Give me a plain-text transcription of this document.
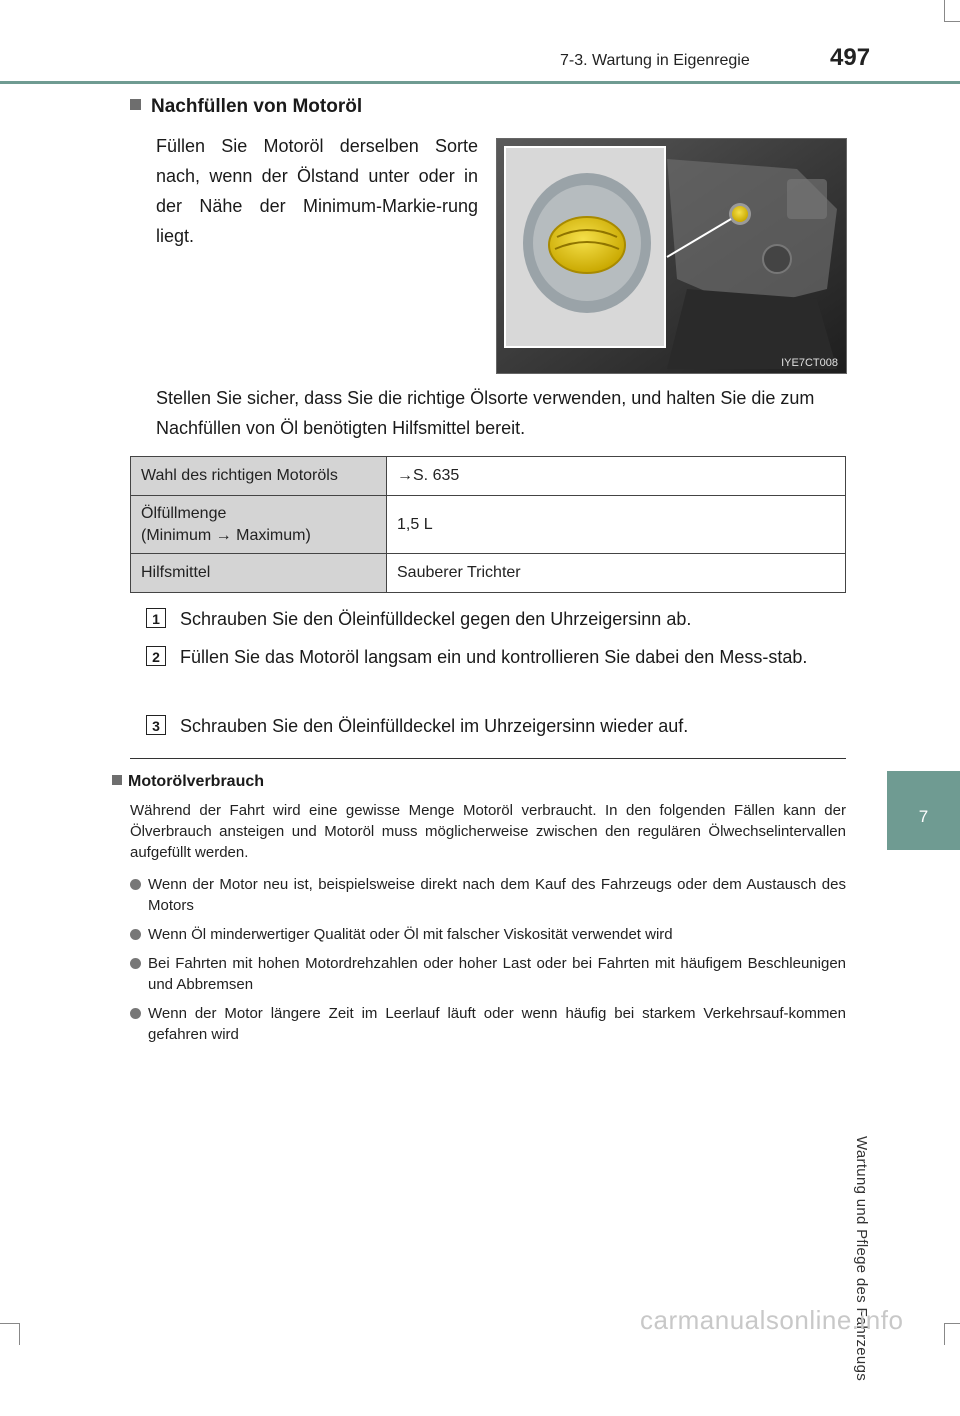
7-3. Wartung in Eigenregie	497
7
Wartung und Pflege des Fahrzeugs
Nachfüllen von Motoröl
Füllen Sie Motoröl derselben Sorte nach, wenn der Ölstand unter oder in der Nähe der Minimum-Markie-rung liegt.
IYE7CT008
Stellen Sie sicher, dass Sie die richtige Ölsorte verwenden, und halten Sie die zum Nachfüllen von Öl benötigten Hilfsmittel bereit.
Wahl des richtigen Motoröls	→S. 635
Ölfüllmenge
(Minimum → Maximum)	1,5 L
Hilfsmittel	Sauberer Trichter
1	Schrauben Sie den Öleinfülldeckel gegen den Uhrzeigersinn ab.
2	Füllen Sie das Motoröl langsam ein und kontrollieren Sie dabei den Mess-stab.
3	Schrauben Sie den Öleinfülldeckel im Uhrzeigersinn wieder auf.
Motorölverbrauch
Während der Fahrt wird eine gewisse Menge Motoröl verbraucht. In den folgenden Fällen kann der Ölverbrauch ansteigen und Motoröl muss möglicherweise zwischen den regulären Ölwechselintervallen aufgefüllt werden.
Wenn der Motor neu ist, beispielsweise direkt nach dem Kauf des Fahrzeugs oder dem Austausch des Motors
Wenn Öl minderwertiger Qualität oder Öl mit falscher Viskosität verwendet wird
Bei Fahrten mit hohen Motordrehzahlen oder hoher Last oder bei Fahrten mit häufigem Beschleunigen und Abbremsen
Wenn der Motor längere Zeit im Leerlauf läuft oder wenn häufig bei starkem Verkehrsauf-kommen gefahren wird
carmanualsonline.info
